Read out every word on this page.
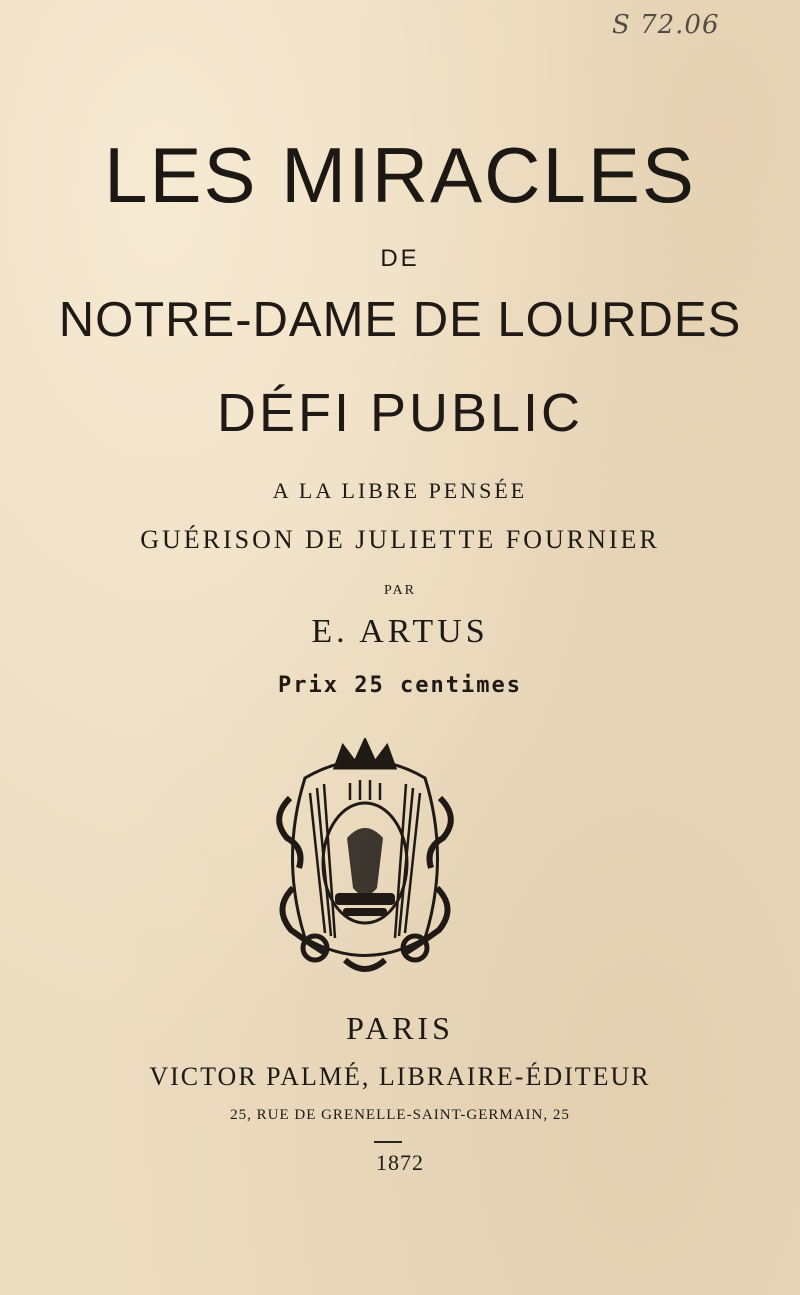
S 72.06
LES MIRACLES
DE
NOTRE-DAME DE LOURDES
DÉFI PUBLIC
A LA LIBRE PENSÉE
GUÉRISON DE JULIETTE FOURNIER
PAR
E. ARTUS
Prix 25 centimes
PARIS
VICTOR PALMÉ, LIBRAIRE-ÉDITEUR
25, RUE DE GRENELLE-SAINT-GERMAIN, 25
1872
